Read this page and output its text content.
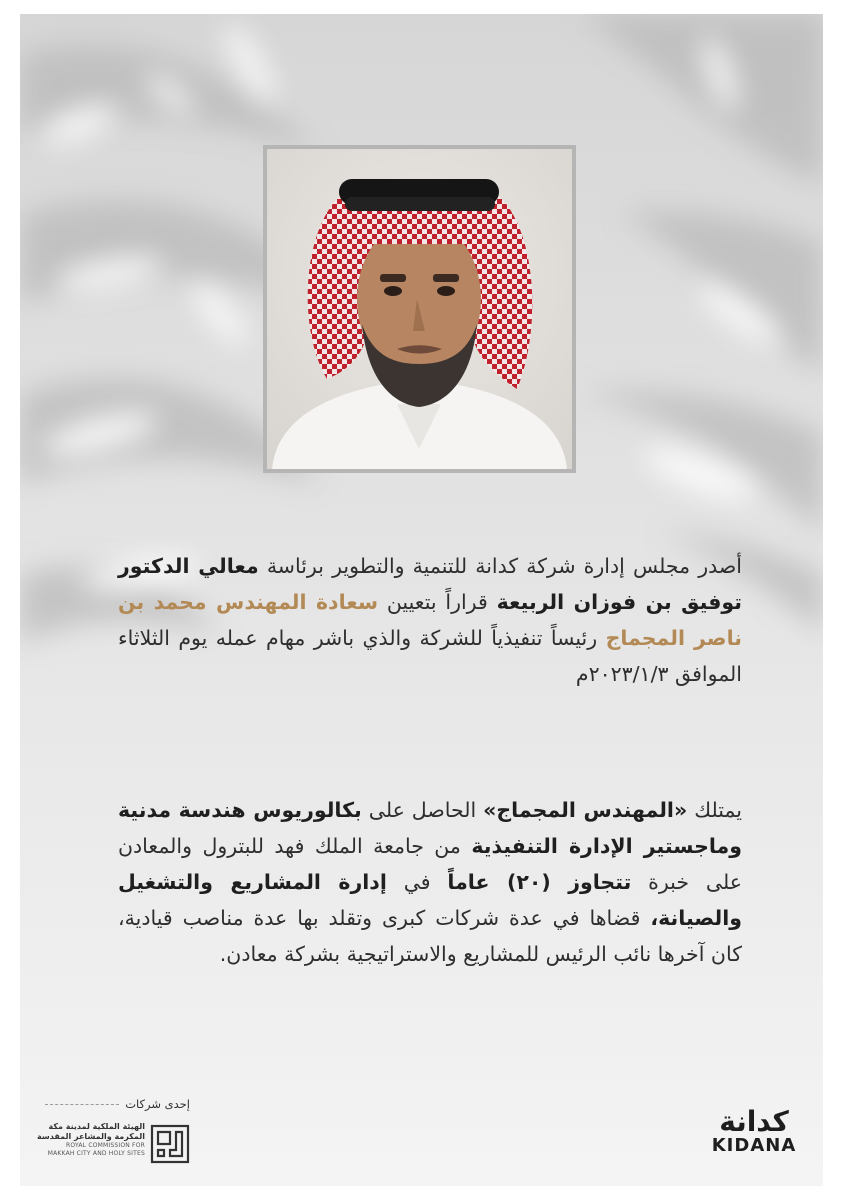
أصدر مجلس إدارة شركة كدانة للتنمية والتطوير برئاسة معالي الدكتور توفيق بن فوزان الربيعة قراراً بتعيين سعادة المهندس محمد بن ناصر المجماج رئيساً تنفيذياً للشركة والذي باشر مهام عمله يوم الثلاثاء الموافق ٢٠٢٣/١/٣م
يمتلك «المهندس المجماج» الحاصل على بكالوريوس هندسة مدنية وماجستير الإدارة التنفيذية من جامعة الملك فهد للبترول والمعادن على خبرة تتجاوز (٢٠) عاماً في إدارة المشاريع والتشغيل والصيانة، قضاها في عدة شركات كبرى وتقلد بها عدة مناصب قيادية، كان آخرها نائب الرئيس للمشاريع والاستراتيجية بشركة معادن.
إحدى شركات
الهيئة الملكية لمدينة مكة
المكرمة والمشاعر المقدسة
ROYAL COMMISSION FOR
MAKKAH CITY AND HOLY SITES
كدانة
KIDANA
